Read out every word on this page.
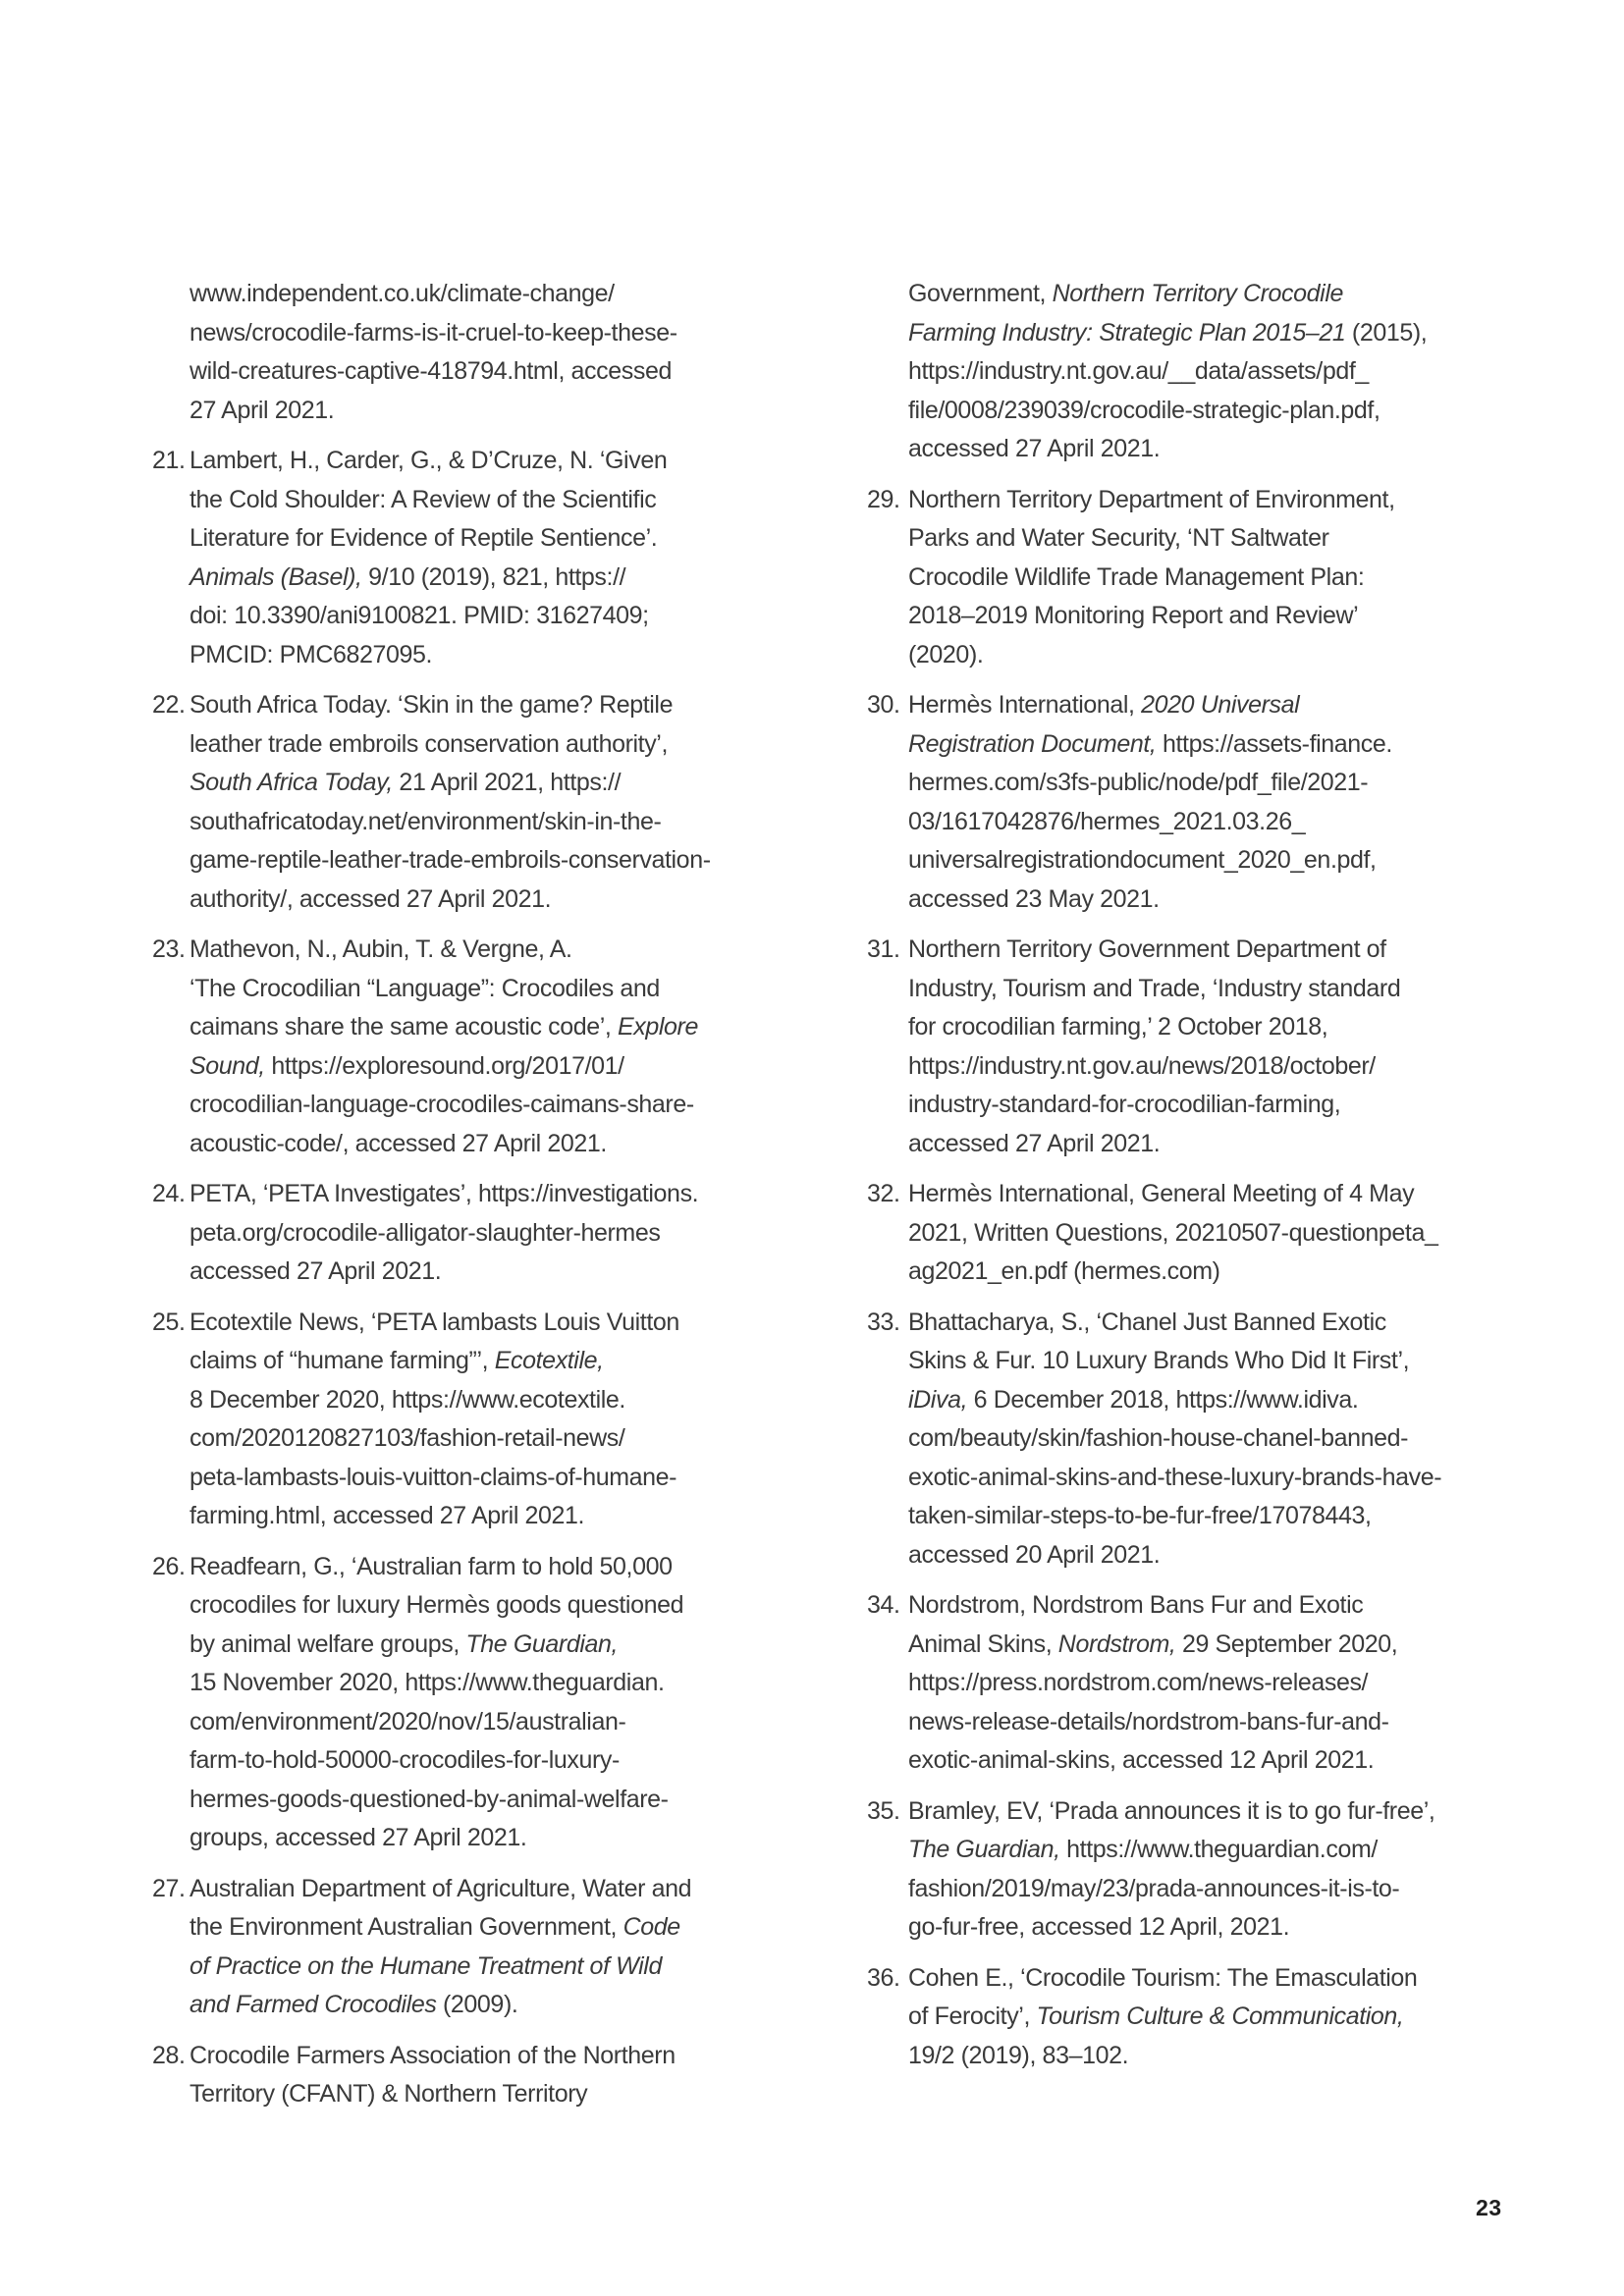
www.independent.co.uk/climate-change/
news/crocodile-farms-is-it-cruel-to-keep-these-
wild-creatures-captive-418794.html, accessed
27 April 2021.
21. Lambert, H., Carder, G., & D’Cruze, N. ‘Given
the Cold Shoulder: A Review of the Scientific
Literature for Evidence of Reptile Sentience’.
Animals (Basel), 9/10 (2019), 821, https://
doi: 10.3390/ani9100821. PMID: 31627409;
PMCID: PMC6827095.
22. South Africa Today. ‘Skin in the game? Reptile
leather trade embroils conservation authority’,
South Africa Today, 21 April 2021, https://
southafricatoday.net/environment/skin-in-the-
game-reptile-leather-trade-embroils-conservation-
authority/, accessed 27 April 2021.
23. Mathevon, N., Aubin, T. & Vergne, A.
‘The Crocodilian “Language”: Crocodiles and
caimans share the same acoustic code’, Explore
Sound, https://exploresound.org/2017/01/
crocodilian-language-crocodiles-caimans-share-
acoustic-code/, accessed 27 April 2021.
24. PETA, ‘PETA Investigates’, https://investigations.
peta.org/crocodile-alligator-slaughter-hermes
accessed 27 April 2021.
25. Ecotextile News, ‘PETA lambasts Louis Vuitton
claims of “humane farming”’, Ecotextile,
8 December 2020, https://www.ecotextile.
com/2020120827103/fashion-retail-news/
peta-lambasts-louis-vuitton-claims-of-humane-
farming.html, accessed 27 April 2021.
26. Readfearn, G., ‘Australian farm to hold 50,000
crocodiles for luxury Hermès goods questioned
by animal welfare groups, The Guardian,
15 November 2020, https://www.theguardian.
com/environment/2020/nov/15/australian-
farm-to-hold-50000-crocodiles-for-luxury-
hermes-goods-questioned-by-animal-welfare-
groups, accessed 27 April 2021.
27. Australian Department of Agriculture, Water and
the Environment Australian Government, Code
of Practice on the Humane Treatment of Wild
and Farmed Crocodiles (2009).
28. Crocodile Farmers Association of the Northern
Territory (CFANT) & Northern Territory
Government, Northern Territory Crocodile
Farming Industry: Strategic Plan 2015–21 (2015),
https://industry.nt.gov.au/__data/assets/pdf_
file/0008/239039/crocodile-strategic-plan.pdf,
accessed 27 April 2021.
29. Northern Territory Department of Environment,
Parks and Water Security, ‘NT Saltwater
Crocodile Wildlife Trade Management Plan:
2018–2019 Monitoring Report and Review’
(2020).
30. Hermès International, 2020 Universal
Registration Document, https://assets-finance.
hermes.com/s3fs-public/node/pdf_file/2021-
03/1617042876/hermes_2021.03.26_
universalregistrationdocument_2020_en.pdf,
accessed 23 May 2021.
31. Northern Territory Government Department of
Industry, Tourism and Trade, ‘Industry standard
for crocodilian farming,’ 2 October 2018,
https://industry.nt.gov.au/news/2018/october/
industry-standard-for-crocodilian-farming,
accessed 27 April 2021.
32. Hermès International, General Meeting of 4 May
2021, Written Questions, 20210507-questionpeta_
ag2021_en.pdf (hermes.com)
33. Bhattacharya, S., ‘Chanel Just Banned Exotic
Skins & Fur. 10 Luxury Brands Who Did It First’,
iDiva, 6 December 2018, https://www.idiva.
com/beauty/skin/fashion-house-chanel-banned-
exotic-animal-skins-and-these-luxury-brands-have-
taken-similar-steps-to-be-fur-free/17078443,
accessed 20 April 2021.
34. Nordstrom, Nordstrom Bans Fur and Exotic
Animal Skins, Nordstrom, 29 September 2020,
https://press.nordstrom.com/news-releases/
news-release-details/nordstrom-bans-fur-and-
exotic-animal-skins, accessed 12 April 2021.
35. Bramley, EV, ‘Prada announces it is to go fur-free’,
The Guardian, https://www.theguardian.com/
fashion/2019/may/23/prada-announces-it-is-to-
go-fur-free, accessed 12 April, 2021.
36. Cohen E., ‘Crocodile Tourism: The Emasculation
of Ferocity’, Tourism Culture & Communication,
19/2 (2019), 83–102.
23
